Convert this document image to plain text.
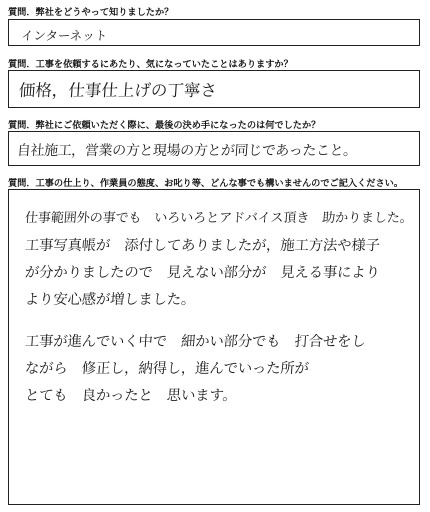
質問．弊社をどうやって知りましたか？
インターネット
質問．工事を依頼するにあたり、気になっていたことはありますか？
価格，仕事仕上げの丁寧さ
質問．弊社にご依頼いただく際に、最後の決め手になったのは何でしたか？
自社施工，営業の方と現場の方とが同じであったこと。
質問．工事の仕上り、作業員の態度、お叱り等、どんな事でも構いませんのでご記入ください。
仕事範囲外の事でも　いろいろとアドバイス頂き　助かりました。
工事写真帳が　添付してありましたが，施工方法や様子
が分かりましたので　見えない部分が　見える事により
より安心感が増しました。
工事が進んでいく中で　細かい部分でも　打合せをし
ながら　修正し，納得し，進んでいった所が
とても　良かったと　思います。
